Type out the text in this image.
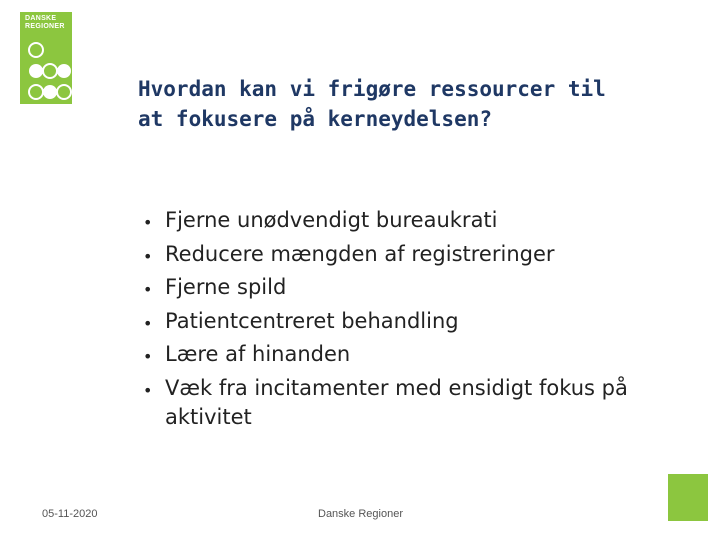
DANSKE
REGIONER
Hvordan kan vi frigøre ressourcer til
at fokusere på kerneydelsen?
• Fjerne unødvendigt bureaukrati
• Reducere mængden af registreringer
• Fjerne spild
• Patientcentreret behandling
• Lære af hinanden
• Væk fra incitamenter med ensidigt fokus på aktivitet
05-11-2020	Danske Regioner
